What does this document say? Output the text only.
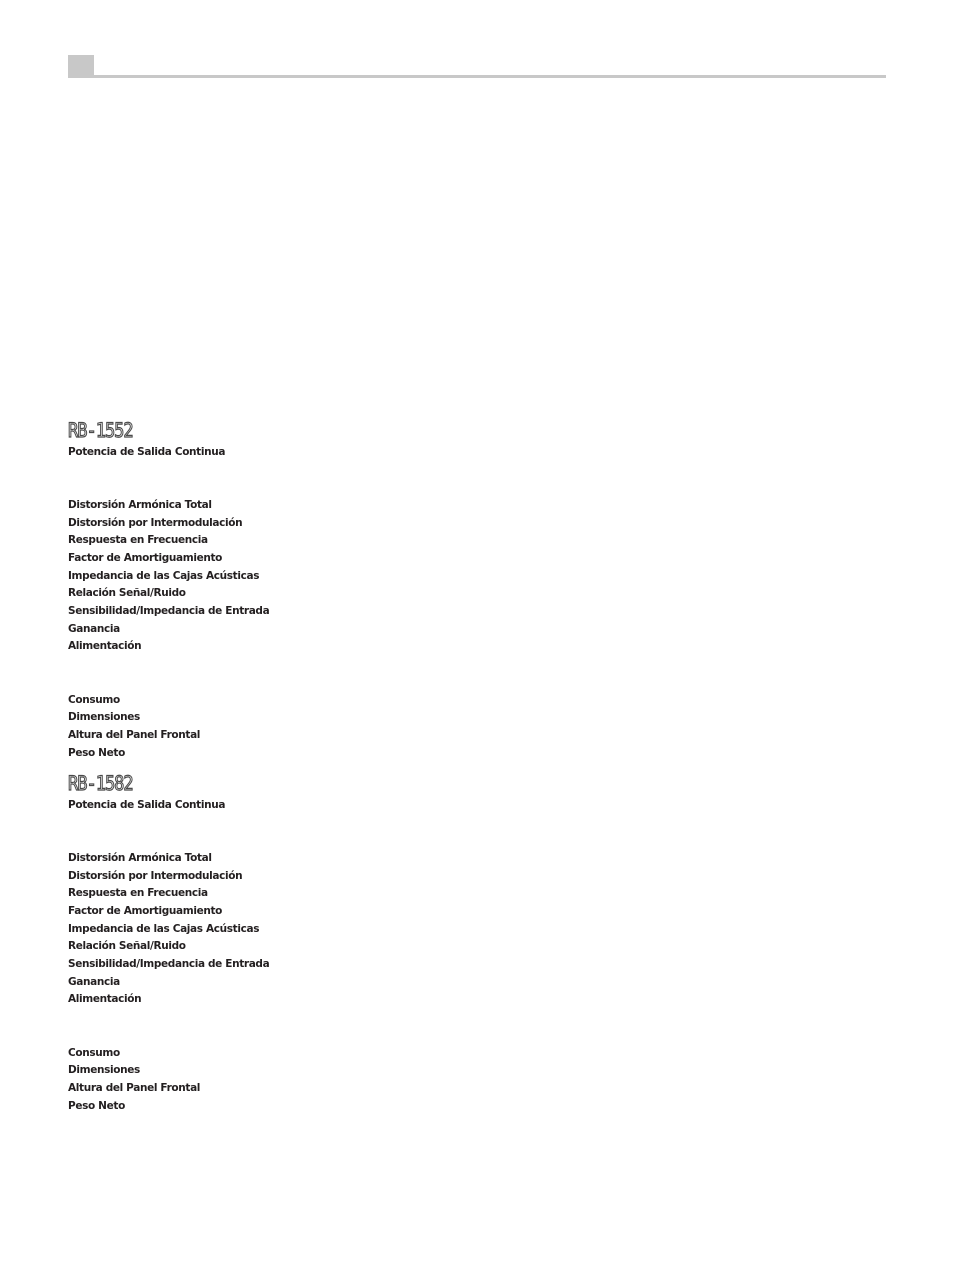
RB-1552

Potencia de Salida Continua

Distorsión Armónica Total

Distorsión por Intermodulación

Respuesta en Frecuencia

Factor de Amortiguamiento

Impedancia de las Cajas Acústicas

Relación Señal/Ruido

Sensibilidad/Impedancia de Entrada

Ganancia

Alimentación

Consumo

Dimensiones

Altura del Panel Frontal

Peso Neto

RB-1582

Potencia de Salida Continua

Distorsión Armónica Total

Distorsión por Intermodulación

Respuesta en Frecuencia

Factor de Amortiguamiento

Impedancia de las Cajas Acústicas

Relación Señal/Ruido

Sensibilidad/Impedancia de Entrada

Ganancia

Alimentación

Consumo

Dimensiones

Altura del Panel Frontal

Peso Neto
